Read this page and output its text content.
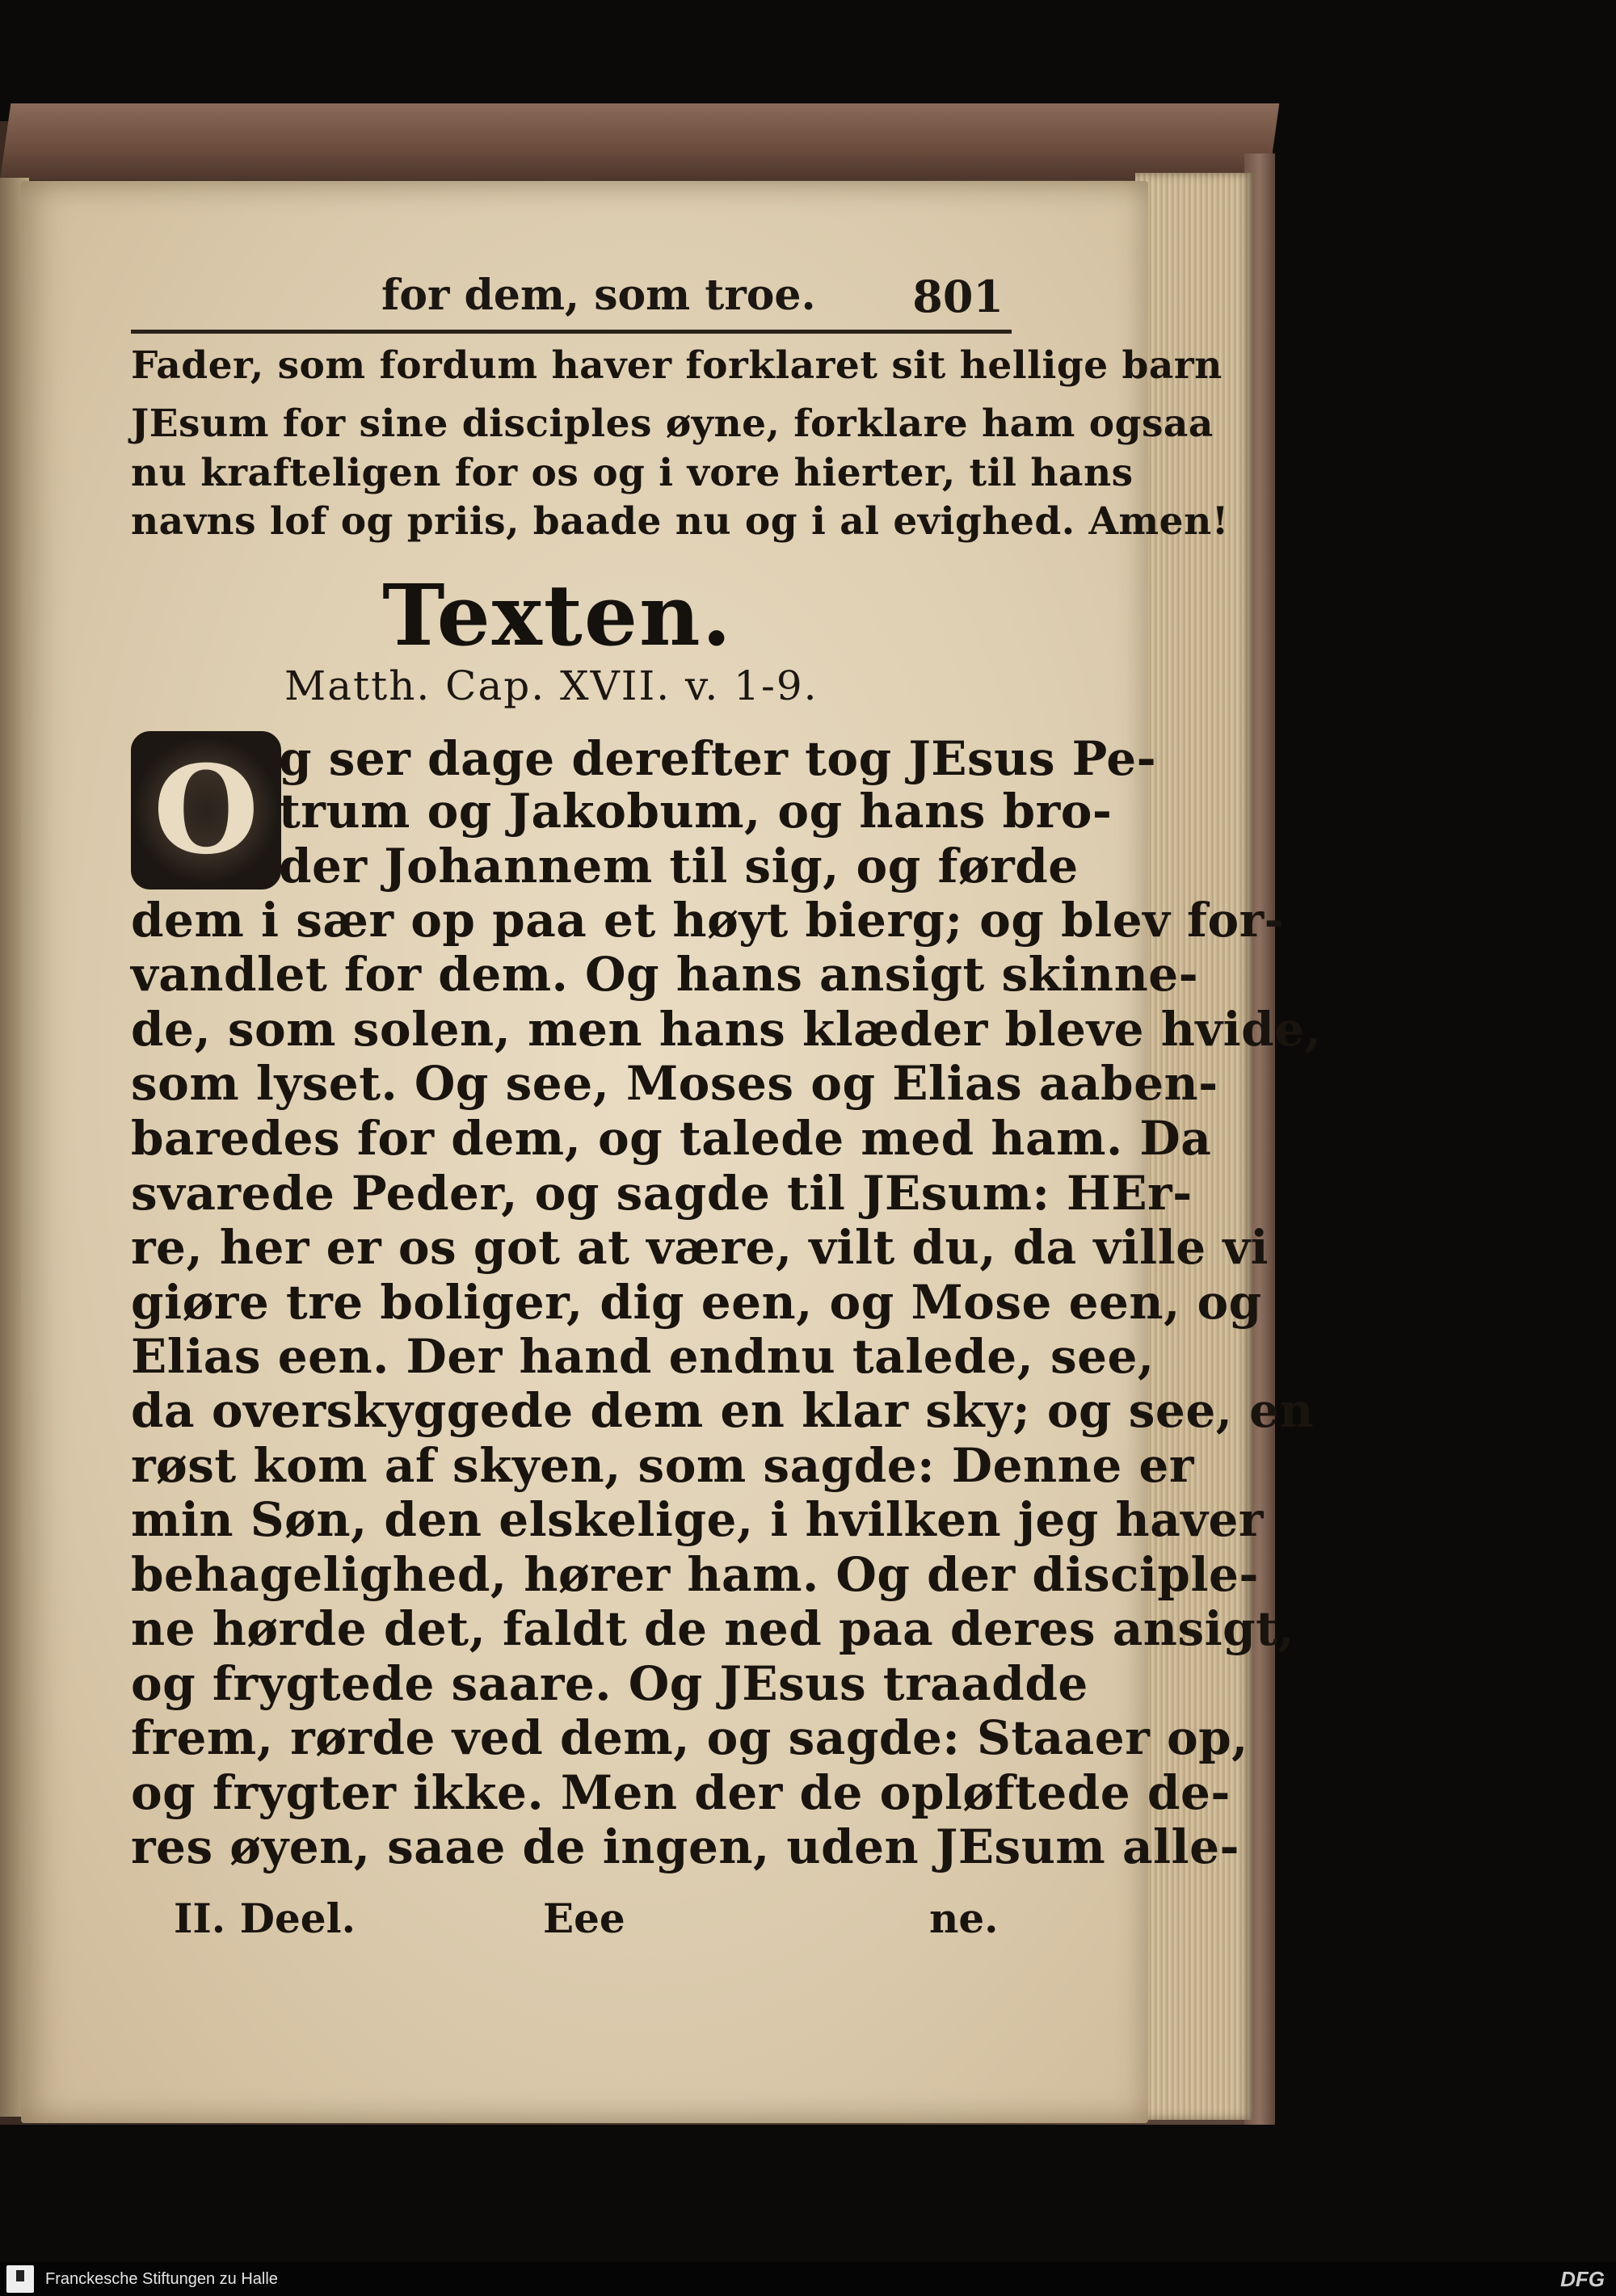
for dem, som troe. 801
Fader, som fordum haver forklaret sit hellige barn
JEsum for sine disciples øyne, forklare ham ogsaa
nu krafteligen for os og i vore hierter, til hans
navns lof og priis, baade nu og i al evighed. Amen!
Texten.
Matth. Cap. XVII. v. 1-9.
O g ser dage derefter tog JEsus Pe-
trum og Jakobum, og hans bro-
der Johannem til sig, og førde
dem i sær op paa et høyt bierg; og blev for-
vandlet for dem. Og hans ansigt skinne-
de, som solen, men hans klæder bleve hvide,
som lyset. Og see, Moses og Elias aaben-
baredes for dem, og talede med ham. Da
svarede Peder, og sagde til JEsum: HEr-
re, her er os got at være, vilt du, da ville vi
giøre tre boliger, dig een, og Mose een, og
Elias een. Der hand endnu talede, see,
da overskyggede dem en klar sky; og see, en
røst kom af skyen, som sagde: Denne er
min Søn, den elskelige, i hvilken jeg haver
behagelighed, hører ham. Og der disciple-
ne hørde det, faldt de ned paa deres ansigt,
og frygtede saare. Og JEsus traadde
frem, rørde ved dem, og sagde: Staaer op,
og frygter ikke. Men der de opløftede de-
res øyen, saae de ingen, uden JEsum alle-
II. Deel.	Eee	ne.
Franckesche Stiftungen zu Halle	DFG
